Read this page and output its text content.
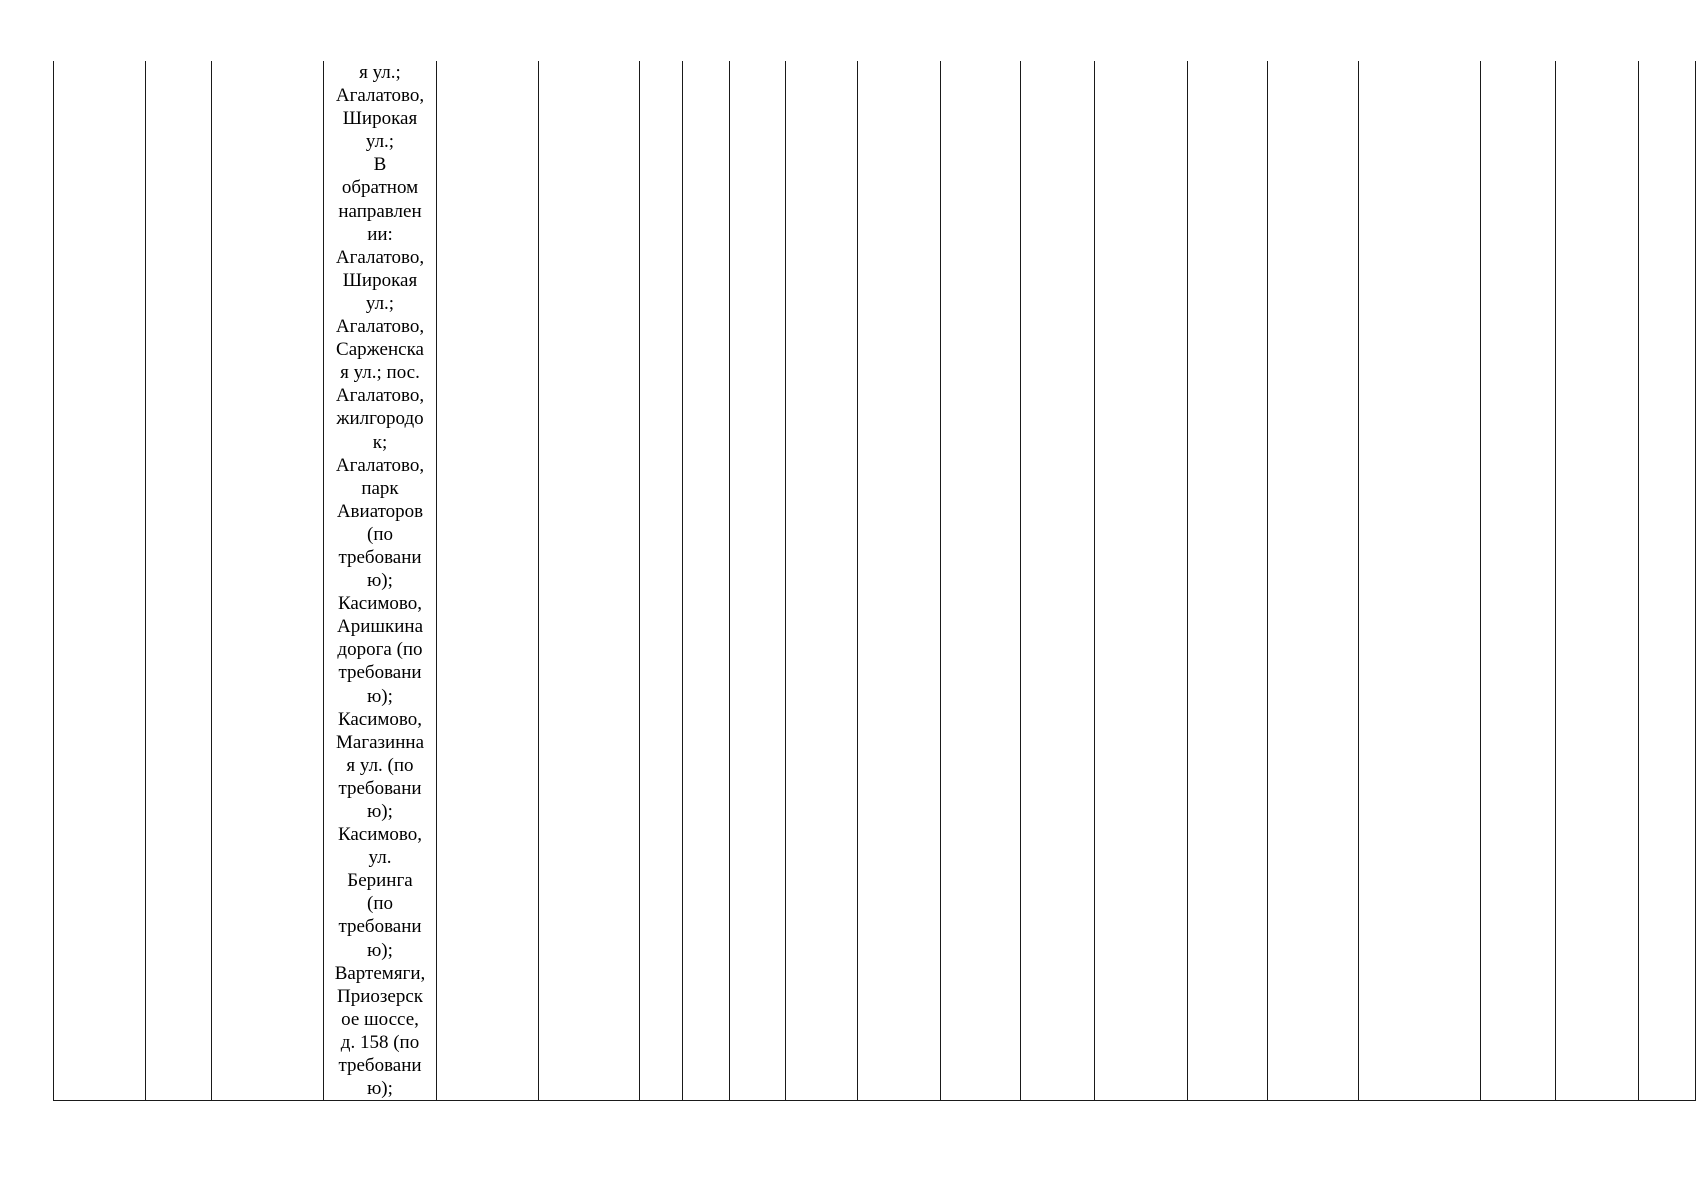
я ул.;
Агалатово,
Широкая
ул.;
В
обратном
направлен
ии:
Агалатово,
Широкая
ул.;
Агалатово,
Сарженска
я ул.; пос.
Агалатово,
жилгородо
к;
Агалатово,
парк
Авиаторов
(по
требовани
ю);
Касимово,
Аришкина
дорога (по
требовани
ю);
Касимово,
Магазинна
я ул. (по
требовани
ю);
Касимово,
ул.
Беринга
(по
требовани
ю);
Вартемяги,
Приозерск
ое шоссе,
д. 158 (по
требовани
ю);
